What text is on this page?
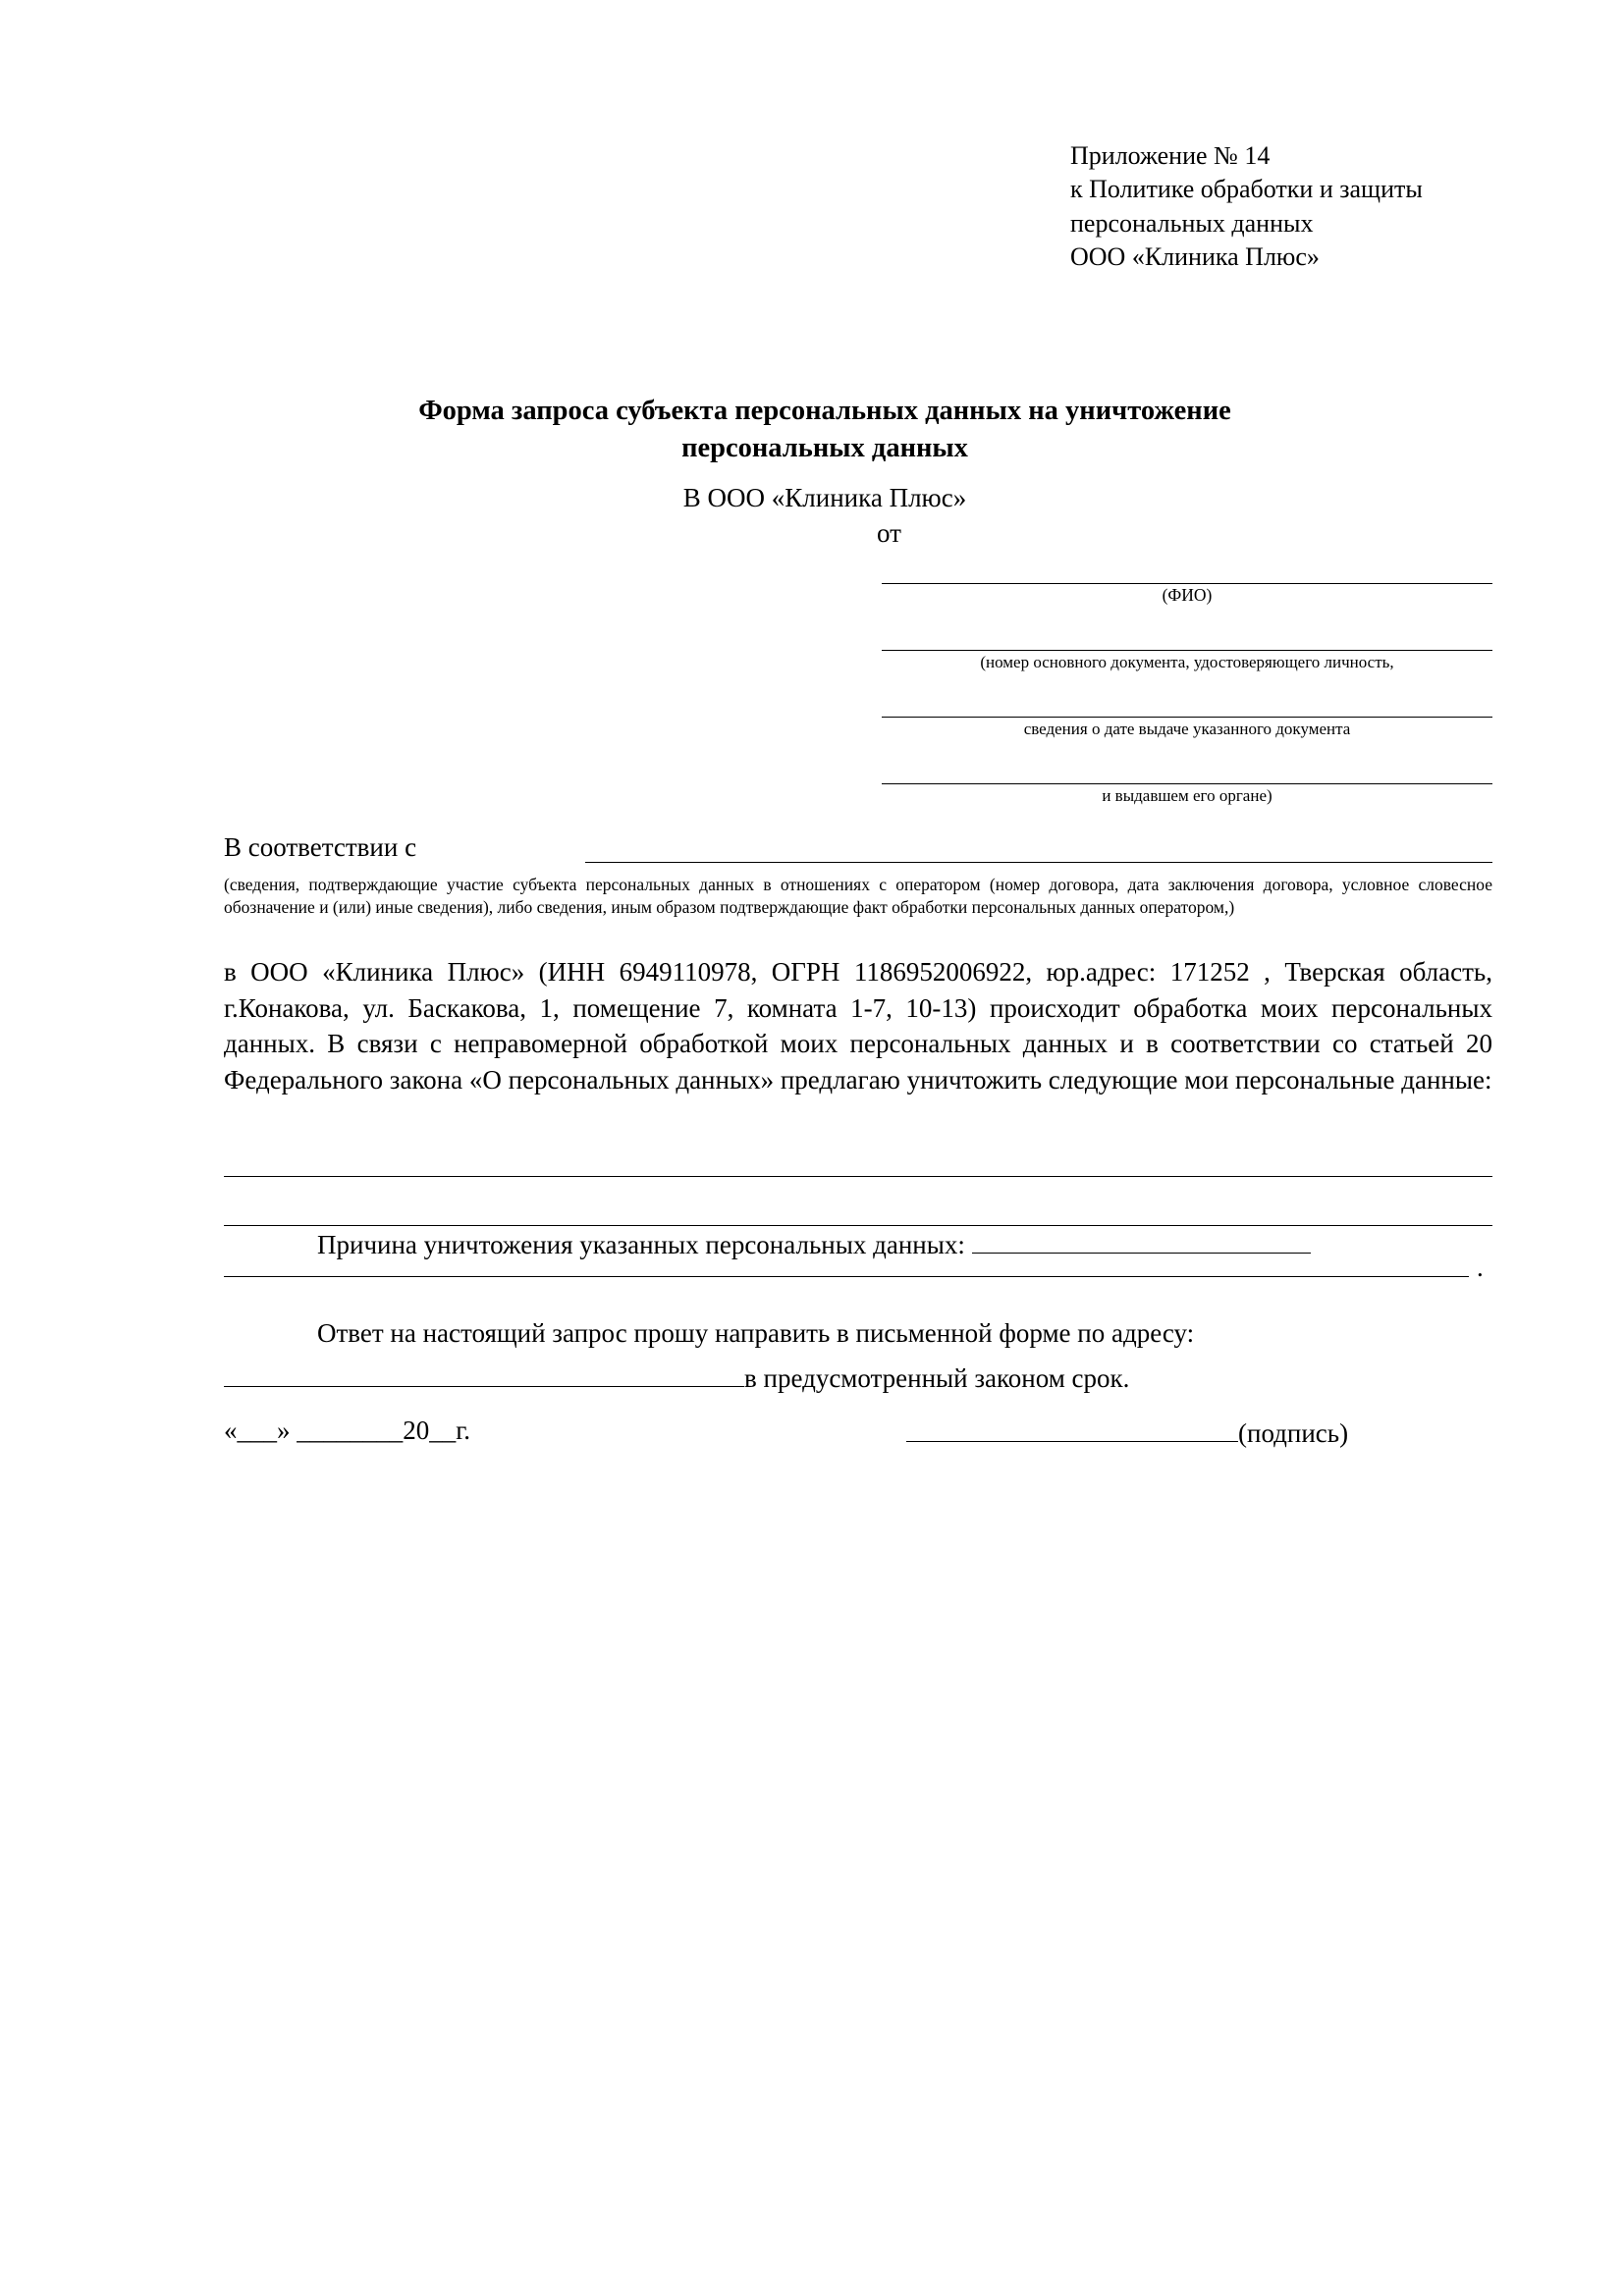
Приложение № 14
к Политике обработки и защиты
персональных данных
ООО «Клиника Плюс»
Форма запроса субъекта персональных данных на уничтожение
персональных данных
В ООО «Клиника Плюс»
от
(ФИО)
(номер основного документа, удостоверяющего личность,
сведения о дате выдаче указанного документа
и выдавшем его органе)
В соответствии с
(сведения, подтверждающие участие субъекта персональных данных в отношениях с оператором (номер договора, дата заключения договора, условное словесное обозначение и (или) иные сведения), либо сведения, иным образом подтверждающие факт обработки персональных данных оператором,)

в ООО «Клиника Плюс» (ИНН 6949110978, ОГРН 1186952006922, юр.адрес: 171252 , Тверская область, г.Конакова, ул. Баскакова, 1, помещение 7, комната 1-7, 10-13) происходит обработка моих персональных данных. В связи с неправомерной обработкой моих персональных данных и в соответствии со статьей 20 Федерального закона «О персональных данных» предлагаю уничтожить следующие мои персональные данные:

Причина уничтожения указанных персональных данных:
.

Ответ на настоящий запрос прошу направить в письменной форме по адресу:

в предусмотренный законом срок.
«___» ________20__г.	(подпись)
